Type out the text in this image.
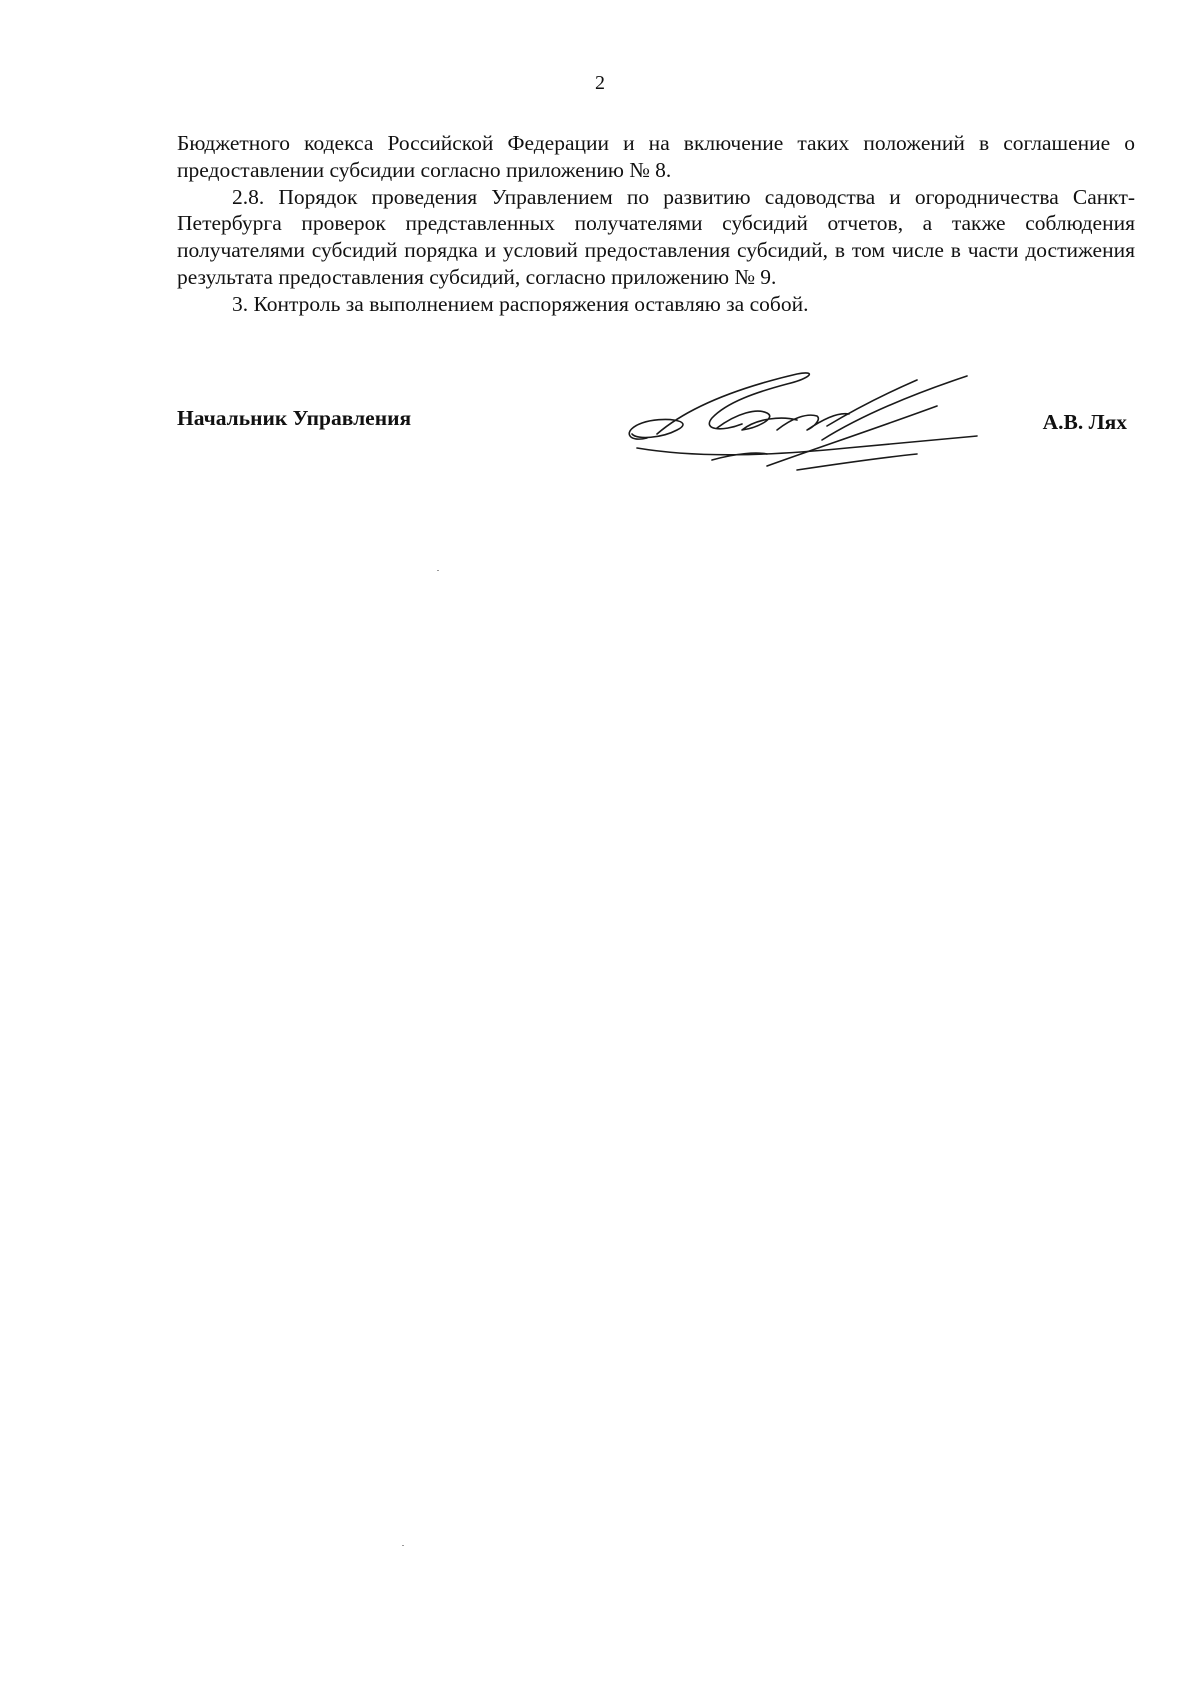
2

Бюджетного кодекса Российской Федерации и на включение таких положений в соглашение о предоставлении субсидии согласно приложению № 8.

2.8. Порядок проведения Управлением по развитию садоводства и огородничества Санкт-Петербурга проверок представленных получателями субсидий отчетов, а также соблюдения получателями субсидий порядка и условий предоставления субсидий, в том числе в части достижения результата предоставления субсидий, согласно приложению № 9.

3. Контроль за выполнением распоряжения оставляю за собой.

Начальник Управления	А.В. Лях
